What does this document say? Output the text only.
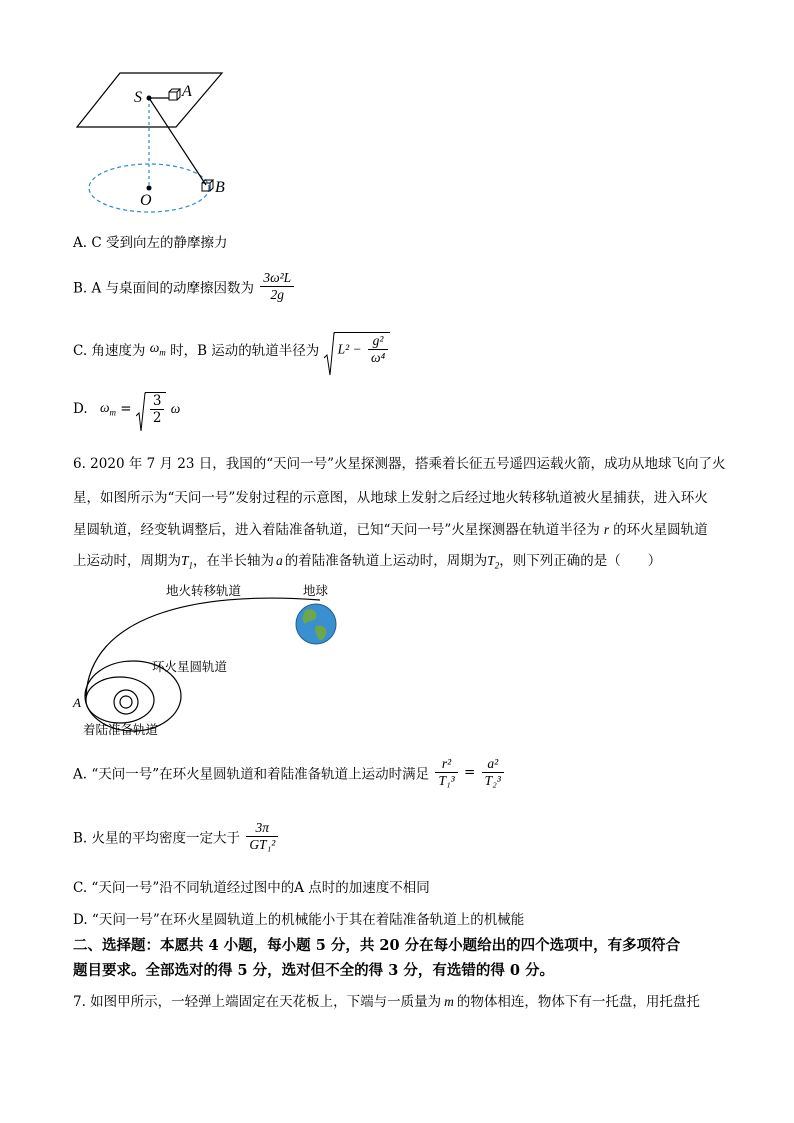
S	A
O
B
A. C 受到向左的静摩擦力
B. A 与桌面间的动摩擦因数为 $\frac{\text{3ω²L}}{2g}$
C. 角速度为 $\omega_m$ 时，B 运动的轨道半径为 $L^2 - \frac{\text{g²}}{\text{ω⁴}}$
D. $\omega_m = \frac{3}{2}$ ω
6. 2020 年 7 月 23 日，我国的“天问一号”火星探测器，搭乘着长征五号遥四运载火箭，成功从地球飞向了火
星，如图所示为“天问一号”发射过程的示意图，从地球上发射之后经过地火转移轨道被火星捕获，进入环火
星圆轨道，经变轨调整后，进入着陆准备轨道，已知“天问一号”火星探测器在轨道半径为 r 的环火星圆轨道
上运动时，周期为$T_1$，在半长轴为 a 的着陆准备轨道上运动时，周期为$T_2$，则下列正确的是（　　）
地火转移轨道	地球
环火星圆轨道
A
着陆准备轨道
A. “天问一号”在环火星圆轨道和着陆准备轨道上运动时满足 $\frac{\text{r²}}{\text{T₁³}} = \frac{\text{a²}}{\text{T₂³}}$
B. 火星的平均密度一定大于 $\frac{3\pi}{\text{GT₁²}}$
C. “天问一号”沿不同轨道经过图中的A 点时的加速度不相同
D. “天问一号”在环火星圆轨道上的机械能小于其在着陆准备轨道上的机械能
二、选择题：本愿共 4 小题，每小题 5 分，共 20 分在每小题给出的四个选项中，有多项符合
题目要求。全部选对的得 5 分，选对但不全的得 3 分，有选错的得 0 分。
7. 如图甲所示，一轻弹上端固定在天花板上，下端与一质量为 m 的物体相连，物体下有一托盘，用托盘托
